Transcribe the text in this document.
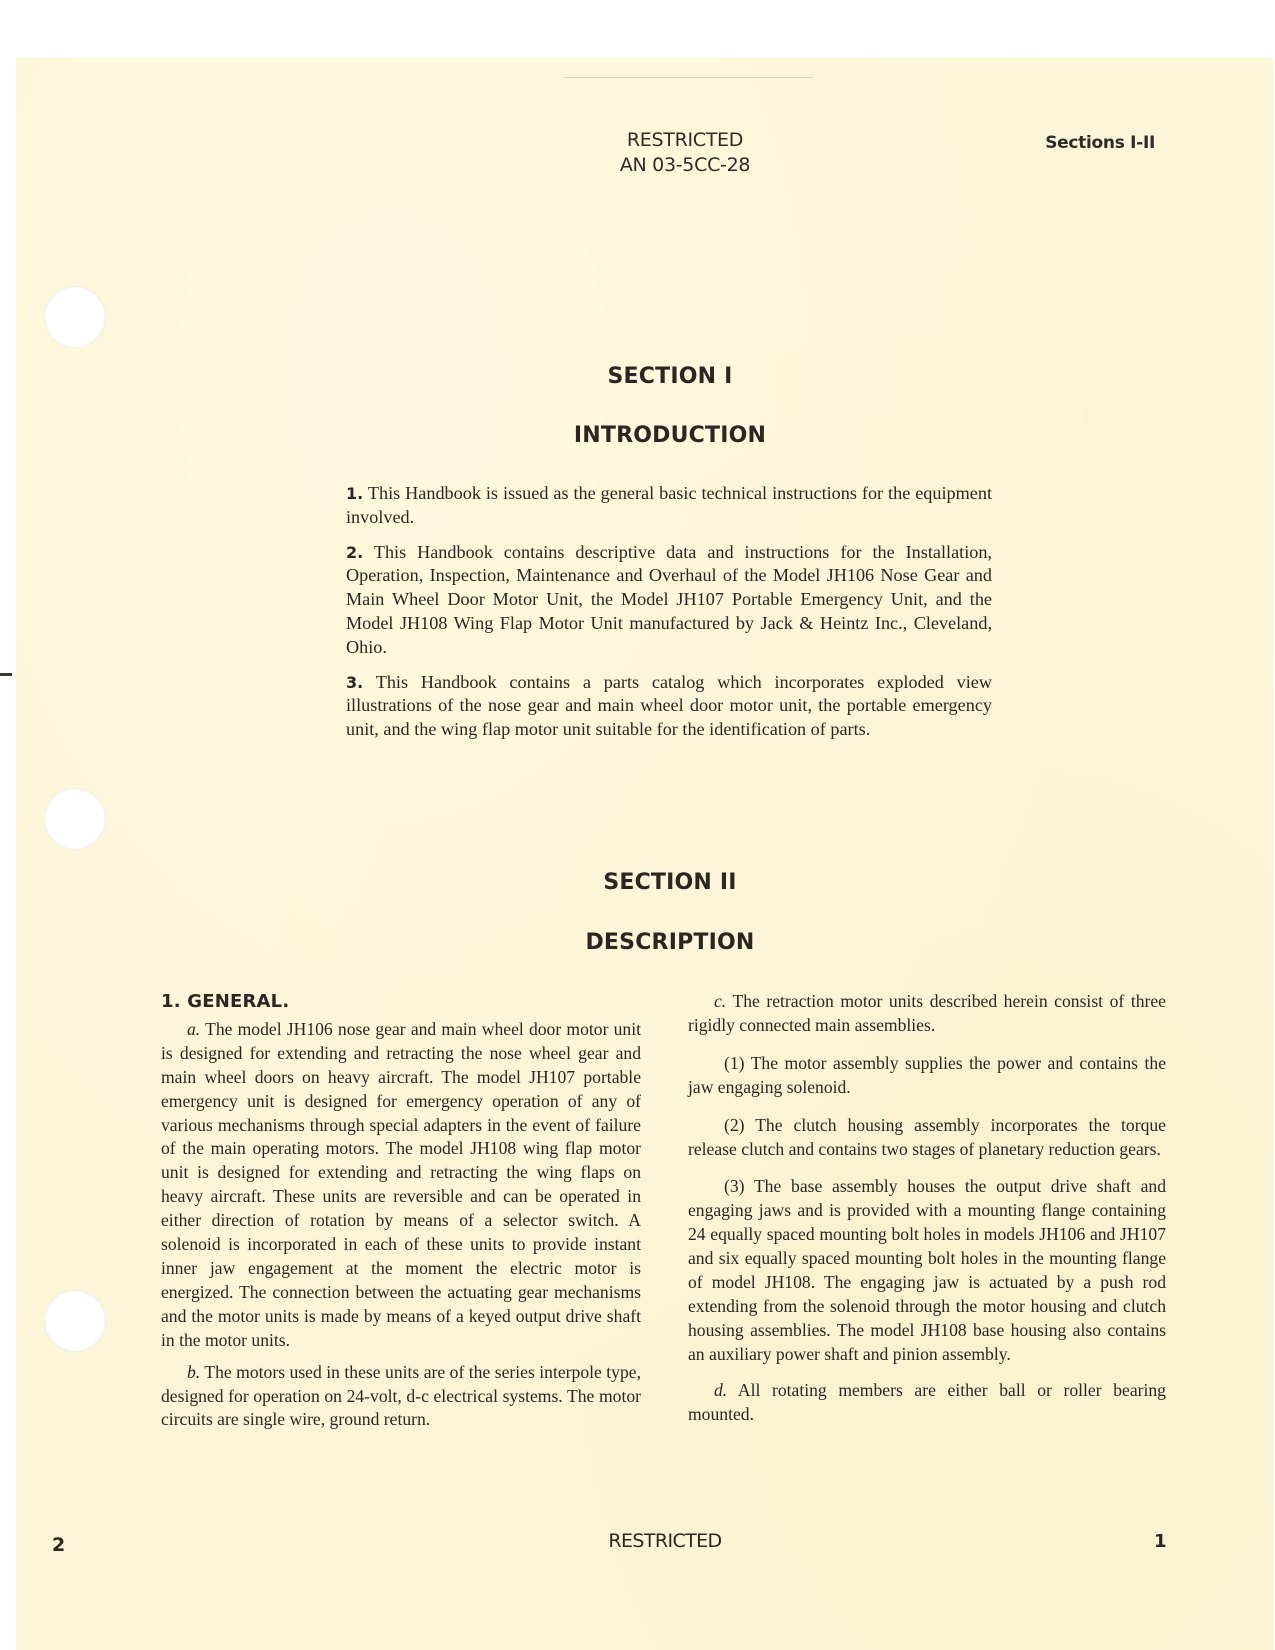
RESTRICTED
AN 03-5CC-28
Sections I-II
SECTION I
INTRODUCTION

1. This Handbook is issued as the general basic technical instructions for the equipment involved.

2. This Handbook contains descriptive data and instructions for the Installation, Operation, Inspection, Maintenance and Overhaul of the Model JH106 Nose Gear and Main Wheel Door Motor Unit, the Model JH107 Portable Emergency Unit, and the Model JH108 Wing Flap Motor Unit manufactured by Jack & Heintz Inc., Cleveland, Ohio.

3. This Handbook contains a parts catalog which incorporates exploded view illustrations of the nose gear and main wheel door motor unit, the portable emergency unit, and the wing flap motor unit suitable for the identification of parts.

SECTION II
DESCRIPTION
1. GENERAL.

a. The model JH106 nose gear and main wheel door motor unit is designed for extending and retracting the nose wheel gear and main wheel doors on heavy aircraft. The model JH107 portable emergency unit is designed for emergency operation of any of various mechanisms through special adapters in the event of failure of the main operating motors. The model JH108 wing flap motor unit is designed for extending and retracting the wing flaps on heavy aircraft. These units are reversible and can be operated in either direction of rotation by means of a selector switch. A solenoid is incorporated in each of these units to provide instant inner jaw engagement at the moment the electric motor is energized. The connection between the actuating gear mechanisms and the motor units is made by means of a keyed output drive shaft in the motor units.

b. The motors used in these units are of the series interpole type, designed for operation on 24-volt, d-c electrical systems. The motor circuits are single wire, ground return.

c. The retraction motor units described herein consist of three rigidly connected main assemblies.

(1) The motor assembly supplies the power and contains the jaw engaging solenoid.

(2) The clutch housing assembly incorporates the torque release clutch and contains two stages of planetary reduction gears.

(3) The base assembly houses the output drive shaft and engaging jaws and is provided with a mounting flange containing 24 equally spaced mounting bolt holes in models JH106 and JH107 and six equally spaced mounting bolt holes in the mounting flange of model JH108. The engaging jaw is actuated by a push rod extending from the solenoid through the motor housing and clutch housing assemblies. The model JH108 base housing also contains an auxiliary power shaft and pinion assembly.

d. All rotating members are either ball or roller bearing mounted.

2	RESTRICTED	1
